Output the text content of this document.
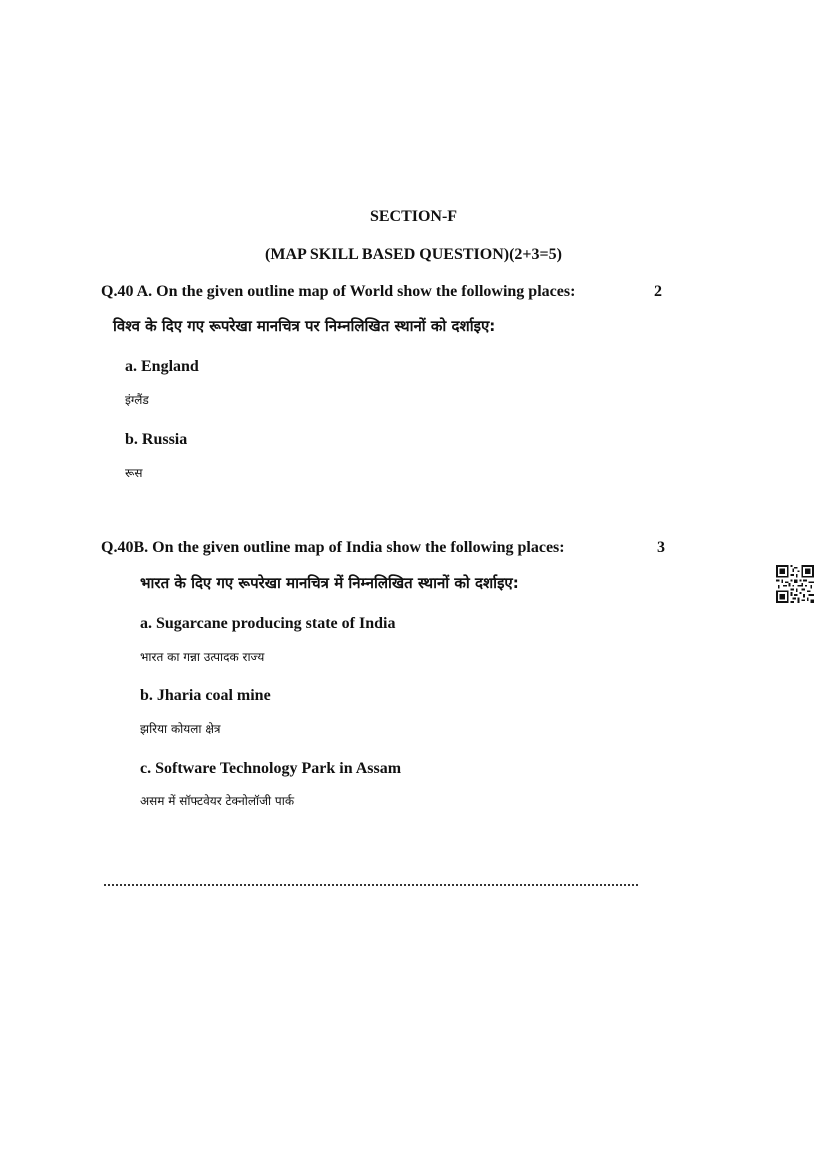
SECTION-F
(MAP SKILL BASED QUESTION)(2+3=5)
Q.40 A. On the given outline map of World show the following places:	2
विश्व के दिए गए रूपरेखा मानचित्र पर निम्नलिखित स्थानों को दर्शाइए:
a. England
इंग्लैंड
b. Russia
रूस
Q.40B. On the given outline map of India show the following places:	3
भारत के दिए गए रूपरेखा मानचित्र में निम्नलिखित स्थानों को दर्शाइए:
a. Sugarcane producing state of India
भारत का गन्ना उत्पादक राज्य
b. Jharia coal mine
झरिया कोयला क्षेत्र
c. Software Technology Park in Assam
असम में सॉफ्टवेयर टेक्नोलॉजी पार्क
